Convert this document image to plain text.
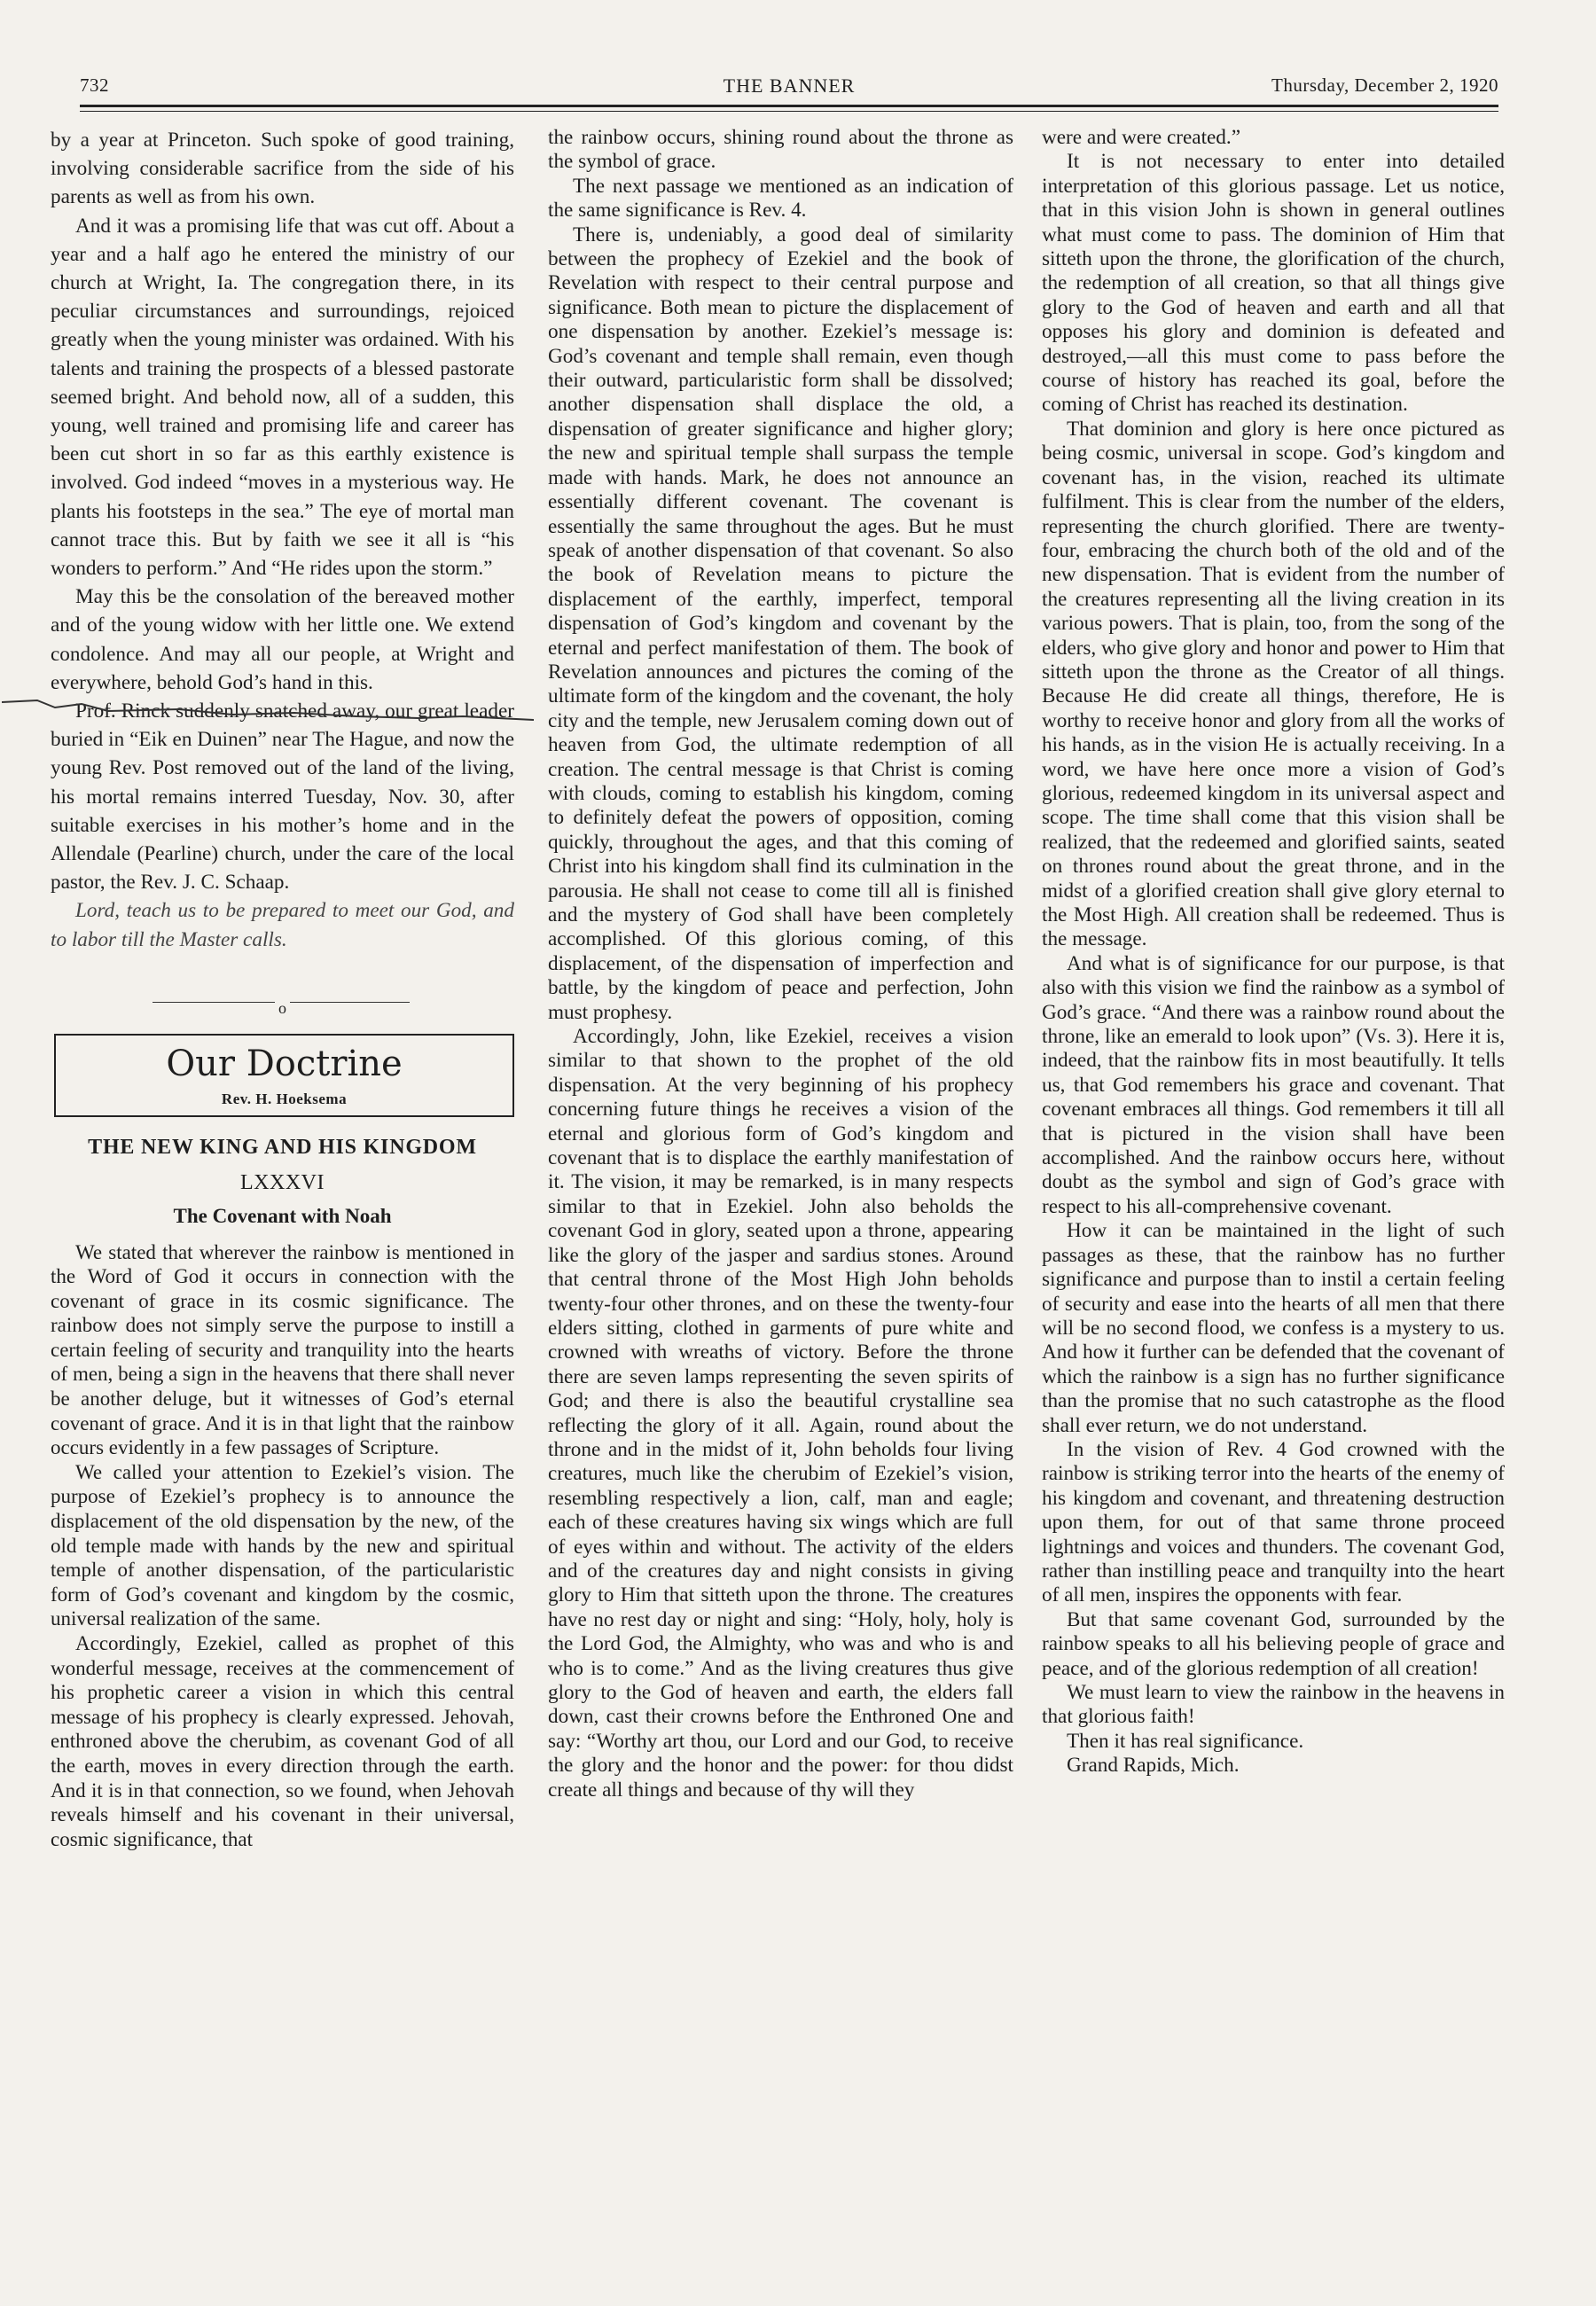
732	THE BANNER	Thursday, December 2, 1920

by a year at Princeton. Such spoke of good training, involving considerable sacrifice from the side of his parents as well as from his own.

And it was a promising life that was cut off. About a year and a half ago he entered the ministry of our church at Wright, Ia. The congregation there, in its peculiar circumstances and surroundings, rejoiced greatly when the young minister was ordained. With his talents and training the prospects of a blessed pastorate seemed bright. And behold now, all of a sudden, this young, well trained and promising life and career has been cut short in so far as this earthly existence is involved. God indeed “moves in a mysterious way. He plants his footsteps in the sea.” The eye of mortal man cannot trace this. But by faith we see it all is “his wonders to perform.” And “He rides upon the storm.”

May this be the consolation of the bereaved mother and of the young widow with her little one. We extend condolence. And may all our people, at Wright and everywhere, behold God’s hand in this.

Prof. Rinck suddenly snatched away, our great leader buried in “Eik en Duinen” near The Hague, and now the young Rev. Post removed out of the land of the living, his mortal remains interred Tuesday, Nov. 30, after suitable exercises in his mother’s home and in the Allendale (Pearline) church, under the care of the local pastor, the Rev. J. C. Schaap.

Lord, teach us to be prepared to meet our God, and to labor till the Master calls.

o
Our Doctrine
Rev. H. Hoeksema
THE NEW KING AND HIS KINGDOM
LXXXVI
The Covenant with Noah

We stated that wherever the rainbow is mentioned in the Word of God it occurs in connection with the covenant of grace in its cosmic significance. The rainbow does not simply serve the purpose to instill a certain feeling of security and tranquility into the hearts of men, being a sign in the heavens that there shall never be another deluge, but it witnesses of God’s eternal covenant of grace. And it is in that light that the rainbow occurs evidently in a few passages of Scripture.

We called your attention to Ezekiel’s vision. The purpose of Ezekiel’s prophecy is to announce the displacement of the old dispensation by the new, of the old temple made with hands by the new and spiritual temple of another dispensation, of the particularistic form of God’s covenant and kingdom by the cosmic, universal realization of the same.

Accordingly, Ezekiel, called as prophet of this wonderful message, receives at the commencement of his prophetic career a vision in which this central message of his prophecy is clearly expressed. Jehovah, enthroned above the cherubim, as covenant God of all the earth, moves in every direction through the earth. And it is in that connection, so we found, when Jehovah reveals himself and his covenant in their universal, cosmic significance, that

the rainbow occurs, shining round about the throne as the symbol of grace.

The next passage we mentioned as an indication of the same significance is Rev. 4.

There is, undeniably, a good deal of similarity between the prophecy of Ezekiel and the book of Revelation with respect to their central purpose and significance. Both mean to picture the displacement of one dispensation by another. Ezekiel’s message is: God’s covenant and temple shall remain, even though their outward, particularistic form shall be dissolved; another dispensation shall displace the old, a dispensation of greater significance and higher glory; the new and spiritual temple shall surpass the temple made with hands. Mark, he does not announce an essentially different covenant. The covenant is essentially the same throughout the ages. But he must speak of another dispensation of that covenant. So also the book of Revelation means to picture the displacement of the earthly, imperfect, temporal dispensation of God’s kingdom and covenant by the eternal and perfect manifestation of them. The book of Revelation announces and pictures the coming of the ultimate form of the kingdom and the covenant, the holy city and the temple, new Jerusalem coming down out of heaven from God, the ultimate redemption of all creation. The central message is that Christ is coming with clouds, coming to establish his kingdom, coming to definitely defeat the powers of opposition, coming quickly, throughout the ages, and that this coming of Christ into his kingdom shall find its culmination in the parousia. He shall not cease to come till all is finished and the mystery of God shall have been completely accomplished. Of this glorious coming, of this displacement, of the dispensation of imperfection and battle, by the kingdom of peace and perfection, John must prophesy.

Accordingly, John, like Ezekiel, receives a vision similar to that shown to the prophet of the old dispensation. At the very beginning of his prophecy concerning future things he receives a vision of the eternal and glorious form of God’s kingdom and covenant that is to displace the earthly manifestation of it. The vision, it may be remarked, is in many respects similar to that in Ezekiel. John also beholds the covenant God in glory, seated upon a throne, appearing like the glory of the jasper and sardius stones. Around that central throne of the Most High John beholds twenty-four other thrones, and on these the twenty-four elders sitting, clothed in garments of pure white and crowned with wreaths of victory. Before the throne there are seven lamps representing the seven spirits of God; and there is also the beautiful crystalline sea reflecting the glory of it all. Again, round about the throne and in the midst of it, John beholds four living creatures, much like the cherubim of Ezekiel’s vision, resembling respectively a lion, calf, man and eagle; each of these creatures having six wings which are full of eyes within and without. The activity of the elders and of the creatures day and night consists in giving glory to Him that sitteth upon the throne. The creatures have no rest day or night and sing: “Holy, holy, holy is the Lord God, the Almighty, who was and who is and who is to come.” And as the living creatures thus give glory to the God of heaven and earth, the elders fall down, cast their crowns before the Enthroned One and say: “Worthy art thou, our Lord and our God, to receive the glory and the honor and the power: for thou didst create all things and because of thy will they

were and were created.”

It is not necessary to enter into detailed interpretation of this glorious passage. Let us notice, that in this vision John is shown in general outlines what must come to pass. The dominion of Him that sitteth upon the throne, the glorification of the church, the redemption of all creation, so that all things give glory to the God of heaven and earth and all that opposes his glory and dominion is defeated and destroyed,—all this must come to pass before the course of history has reached its goal, before the coming of Christ has reached its destination.

That dominion and glory is here once pictured as being cosmic, universal in scope. God’s kingdom and covenant has, in the vision, reached its ultimate fulfilment. This is clear from the number of the elders, representing the church glorified. There are twenty-four, embracing the church both of the old and of the new dispensation. That is evident from the number of the creatures representing all the living creation in its various powers. That is plain, too, from the song of the elders, who give glory and honor and power to Him that sitteth upon the throne as the Creator of all things. Because He did create all things, therefore, He is worthy to receive honor and glory from all the works of his hands, as in the vision He is actually receiving. In a word, we have here once more a vision of God’s glorious, redeemed kingdom in its universal aspect and scope. The time shall come that this vision shall be realized, that the redeemed and glorified saints, seated on thrones round about the great throne, and in the midst of a glorified creation shall give glory eternal to the Most High. All creation shall be redeemed. Thus is the message.

And what is of significance for our purpose, is that also with this vision we find the rainbow as a symbol of God’s grace. “And there was a rainbow round about the throne, like an emerald to look upon” (Vs. 3). Here it is, indeed, that the rainbow fits in most beautifully. It tells us, that God remembers his grace and covenant. That covenant embraces all things. God remembers it till all that is pictured in the vision shall have been accomplished. And the rainbow occurs here, without doubt as the symbol and sign of God’s grace with respect to his all-comprehensive covenant.

How it can be maintained in the light of such passages as these, that the rainbow has no further significance and purpose than to instil a certain feeling of security and ease into the hearts of all men that there will be no second flood, we confess is a mystery to us. And how it further can be defended that the covenant of which the rainbow is a sign has no further significance than the promise that no such catastrophe as the flood shall ever return, we do not understand.

In the vision of Rev. 4 God crowned with the rainbow is striking terror into the hearts of the enemy of his kingdom and covenant, and threatening destruction upon them, for out of that same throne proceed lightnings and voices and thunders. The covenant God, rather than instilling peace and tranquilty into the heart of all men, inspires the opponents with fear.

But that same covenant God, surrounded by the rainbow speaks to all his believing people of grace and peace, and of the glorious redemption of all creation!

We must learn to view the rainbow in the heavens in that glorious faith!

Then it has real significance.

Grand Rapids, Mich.
